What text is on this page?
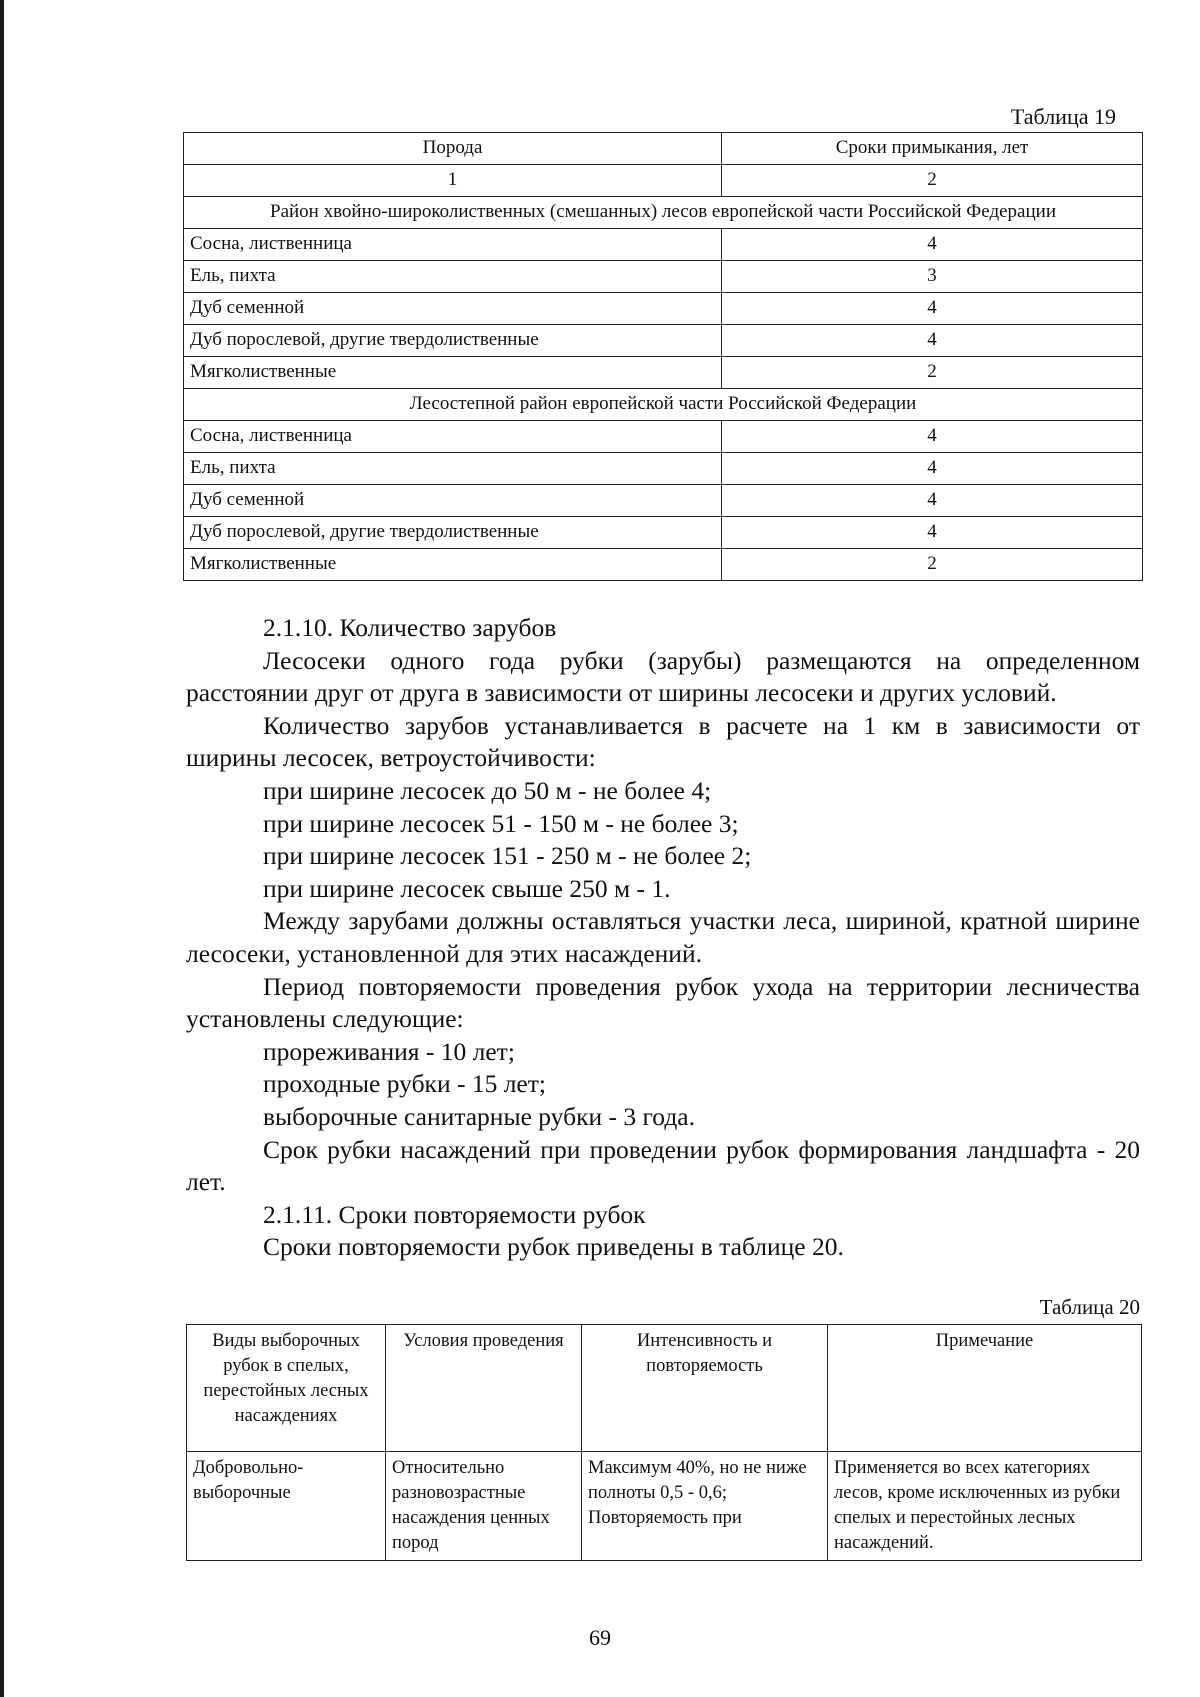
Таблица 19
Порода	Сроки примыкания, лет
1	2
Район хвойно-широколиственных (смешанных) лесов европейской части Российской Федерации	
Сосна, лиственница	4
Ель, пихта	3
Дуб семенной	4
Дуб порослевой, другие твердолиственные	4
Мягколиственные	2
Лесостепной район европейской части Российской Федерации	
Сосна, лиственница	4
Ель, пихта	4
Дуб семенной	4
Дуб порослевой, другие твердолиственные	4
Мягколиственные	2

2.1.10. Количество зарубов

Лесосеки одного года рубки (зарубы) размещаются на определенном расстоянии друг от друга в зависимости от ширины лесосеки и других условий.

Количество зарубов устанавливается в расчете на 1 км в зависимости от ширины лесосек, ветроустойчивости:

при ширине лесосек до 50 м - не более 4;

при ширине лесосек 51 - 150 м - не более 3;

при ширине лесосек 151 - 250 м - не более 2;

при ширине лесосек свыше 250 м - 1.

Между зарубами должны оставляться участки леса, шириной, кратной ширине лесосеки, установленной для этих насаждений.

Период повторяемости проведения рубок ухода на территории лесничества установлены следующие:

прореживания - 10 лет;

проходные рубки - 15 лет;

выборочные санитарные рубки - 3 года.

Срок рубки насаждений при проведении рубок формирования ландшафта - 20 лет.

2.1.11. Сроки повторяемости рубок

Сроки повторяемости рубок приведены в таблице 20.

Таблица 20
Виды выборочных рубок в спелых, перестойных лесных насаждениях	Условия проведения	Интенсивность и повторяемость	Примечание
Добровольно-выборочные	Относительно разновозрастные насаждения ценных пород	Максимум 40%, но не ниже полноты 0,5 - 0,6; Повторяемость при	Применяется во всех категориях лесов, кроме исключенных из рубки спелых и перестойных лесных насаждений.
69
